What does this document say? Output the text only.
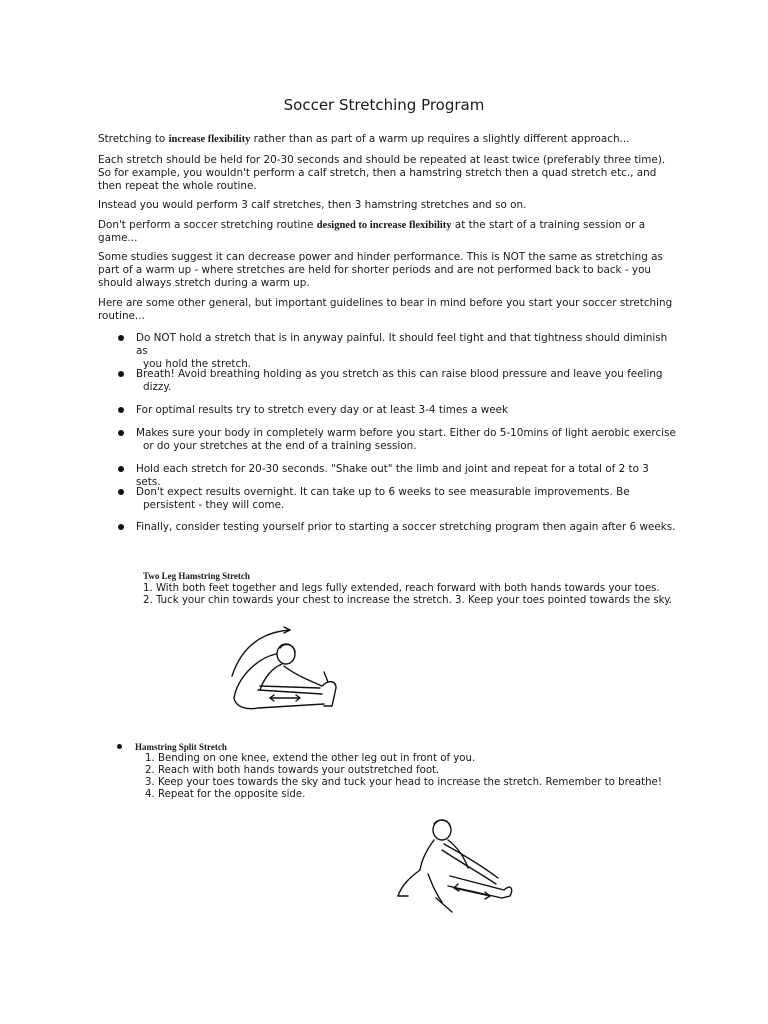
Soccer Stretching Program

Stretching to increase flexibility rather than as part of a warm up requires a slightly different approach...

Each stretch should be held for 20-30 seconds and should be repeated at least twice (preferably three time). So for example, you wouldn't perform a calf stretch, then a hamstring stretch then a quad stretch etc., and then repeat the whole routine.

Instead you would perform 3 calf stretches, then 3 hamstring stretches and so on.

Don't perform a soccer stretching routine designed to increase flexibility at the start of a training session or a game...

Some studies suggest it can decrease power and hinder performance. This is NOT the same as stretching as part of a warm up - where stretches are held for shorter periods and are not performed back to back - you should always stretch during a warm up.

Here are some other general, but important guidelines to bear in mind before you start your soccer stretching routine...

Do NOT hold a stretch that is in anyway painful. It should feel tight and that tightness should diminish as
you hold the stretch.
Breath! Avoid breathing holding as you stretch as this can raise blood pressure and leave you feeling
dizzy.
For optimal results try to stretch every day or at least 3-4 times a week
Makes sure your body in completely warm before you start. Either do 5-10mins of light aerobic exercise
or do your stretches at the end of a training session.
Hold each stretch for 20-30 seconds. "Shake out" the limb and joint and repeat for a total of 2 to 3 sets.
Don't expect results overnight. It can take up to 6 weeks to see measurable improvements. Be
persistent - they will come.
Finally, consider testing yourself prior to starting a soccer stretching program then again after 6 weeks.
Two Leg Hamstring Stretch
1. With both feet together and legs fully extended, reach forward with both hands towards your toes.
2. Tuck your chin towards your chest to increase the stretch. 3. Keep your toes pointed towards the sky.
Hamstring Split Stretch
1. Bending on one knee, extend the other leg out in front of you.
2. Reach with both hands towards your outstretched foot.
3. Keep your toes towards the sky and tuck your head to increase the stretch. Remember to breathe!
4. Repeat for the opposite side.
